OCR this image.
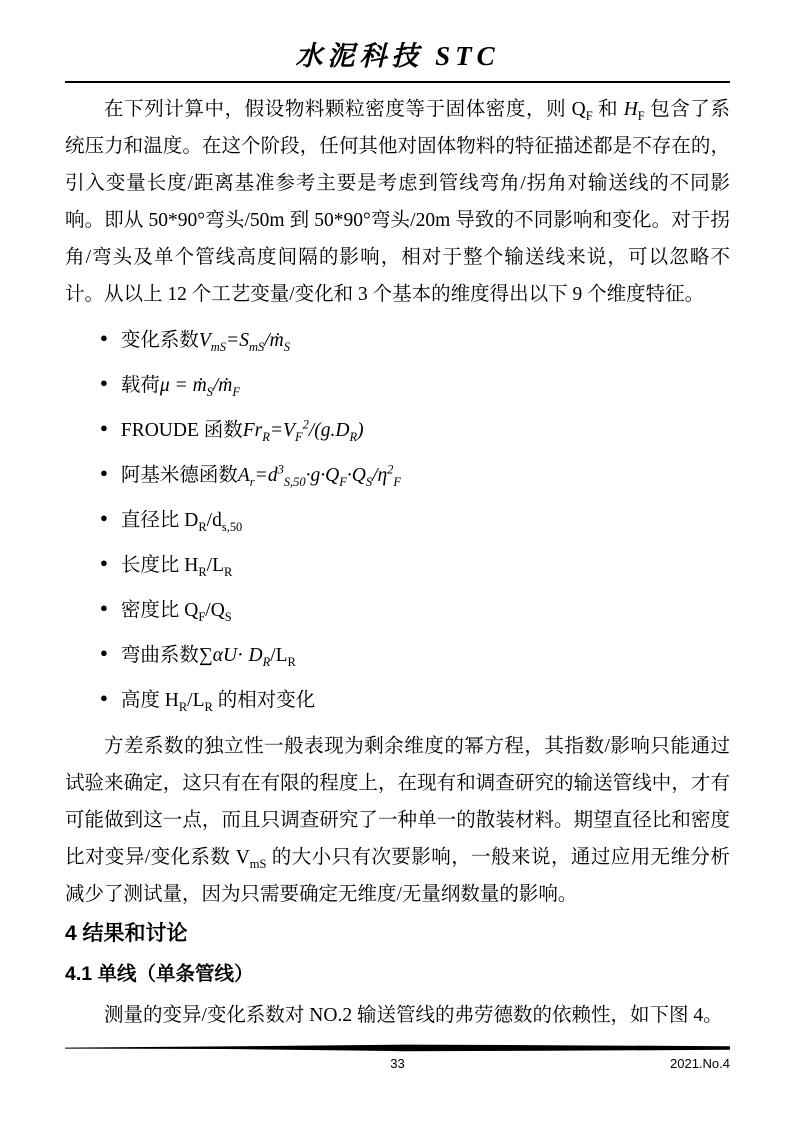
水泥科技 STC

在下列计算中，假设物料颗粒密度等于固体密度，则 $Q_F$ 和 $H_F$ 包含了系统压力和温度。在这个阶段，任何其他对固体物料的特征描述都是不存在的，引入变量长度/距离基准参考主要是考虑到管线弯角/拐角对输送线的不同影响。即从 50*90°弯头/50m 到 50*90°弯头/20m 导致的不同影响和变化。对于拐角/弯头及单个管线高度间隔的影响，相对于整个输送线来说，可以忽略不计。从以上 12 个工艺变量/变化和 3 个基本的维度得出以下 9 个维度特征。

● 变化系数$V_{mS}=S_{mS}/ṁ_S$
● 载荷μ = ṁ$_S$/ṁ$_F$
● FROUDE 函数$Fr_R=V_F^2/(g.D_R)$
● 阿基米德函数$A_r=d^3_{S,50}\cdot g\cdot Q_F\cdot Q_S/\eta^2_F$
● 直径比 $D_R/d_{s,50}$
● 长度比 $H_R/L_R$
● 密度比 $Q_F/Q_S$
● 弯曲系数$\sum\alpha U\cdot D_R/L_R$
● 高度 $H_R/L_R$ 的相对变化

方差系数的独立性一般表现为剩余维度的幂方程，其指数/影响只能通过试验来确定，这只有在有限的程度上，在现有和调查研究的输送管线中，才有可能做到这一点，而且只调查研究了一种单一的散装材料。期望直径比和密度比对变异/变化系数 $V_{mS}$ 的大小只有次要影响，一般来说，通过应用无维分析减少了测试量，因为只需要确定无维度/无量纲数量的影响。

4 结果和讨论
4.1 单线（单条管线）

测量的变异/变化系数对 NO.2 输送管线的弗劳德数的依赖性，如下图 4。

33	2021.No.4
